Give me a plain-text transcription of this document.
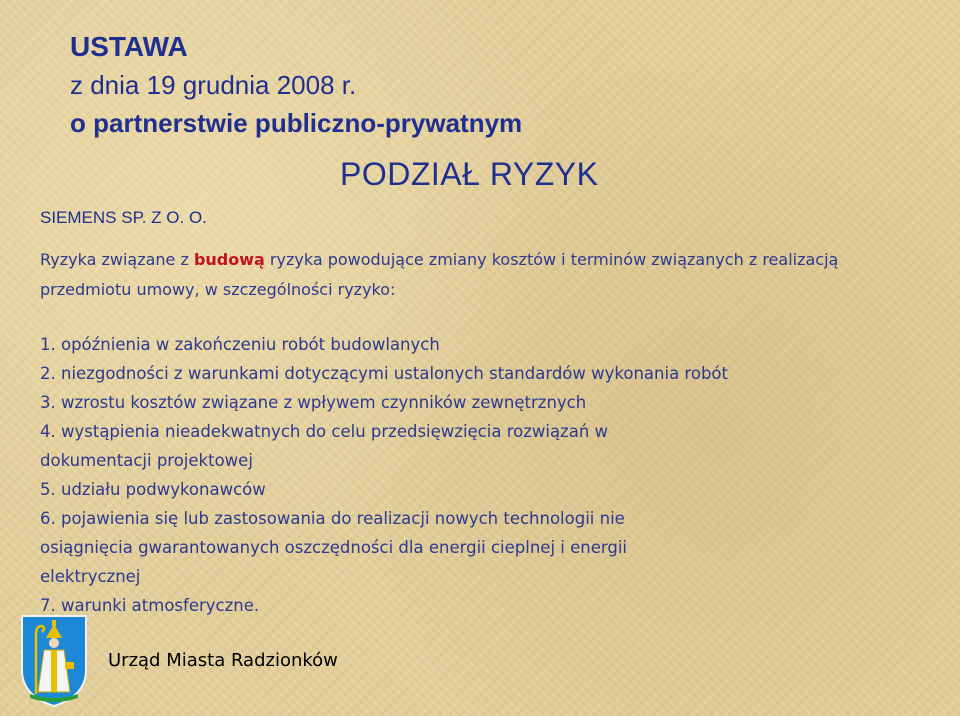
USTAWA
z dnia 19 grudnia 2008 r.
o partnerstwie publiczno-prywatnym
PODZIAŁ RYZYK
SIEMENS SP. Z O. O.
Ryzyka związane z budową ryzyka powodujące zmiany kosztów i terminów związanych z realizacją przedmiotu umowy, w szczególności ryzyko:
1. opóźnienia w zakończeniu robót budowlanych
2. niezgodności z warunkami dotyczącymi ustalonych standardów wykonania robót
3. wzrostu kosztów związane z wpływem czynników zewnętrznych
4. wystąpienia nieadekwatnych do celu przedsięwzięcia rozwiązań w dokumentacji projektowej
5. udziału podwykonawców
6. pojawienia się lub zastosowania do realizacji nowych technologii nie osiągnięcia gwarantowanych oszczędności dla energii cieplnej i energii elektrycznej
7. warunki atmosferyczne.
Urząd Miasta Radzionków
